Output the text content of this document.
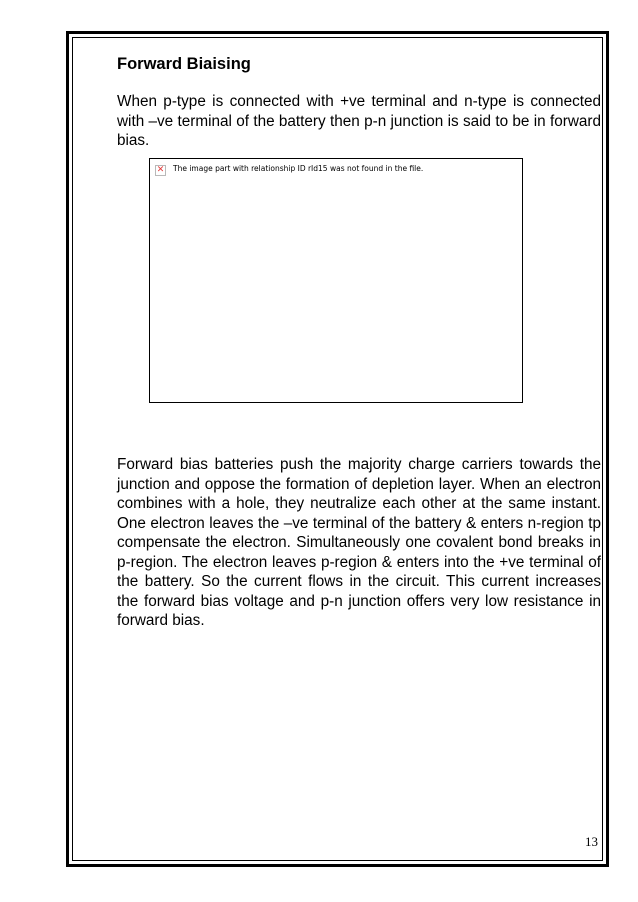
Forward Biaising

When p-type is connected with +ve terminal and n-type is connected with –ve terminal of the battery then p-n junction is said to be in forward bias.

✕ The image part with relationship ID rId15 was not found in the file.

Forward bias batteries push the majority charge carriers towards the junction and oppose the formation of depletion layer. When an electron combines with a hole, they neutralize each other at the same instant. One electron leaves the –ve terminal of the battery & enters n-region tp compensate the electron. Simultaneously one covalent bond breaks in p-region. The electron leaves p-region & enters into the +ve terminal of the battery. So the current flows in the circuit. This current increases the forward bias voltage and p-n junction offers very low resistance in forward bias.

13
